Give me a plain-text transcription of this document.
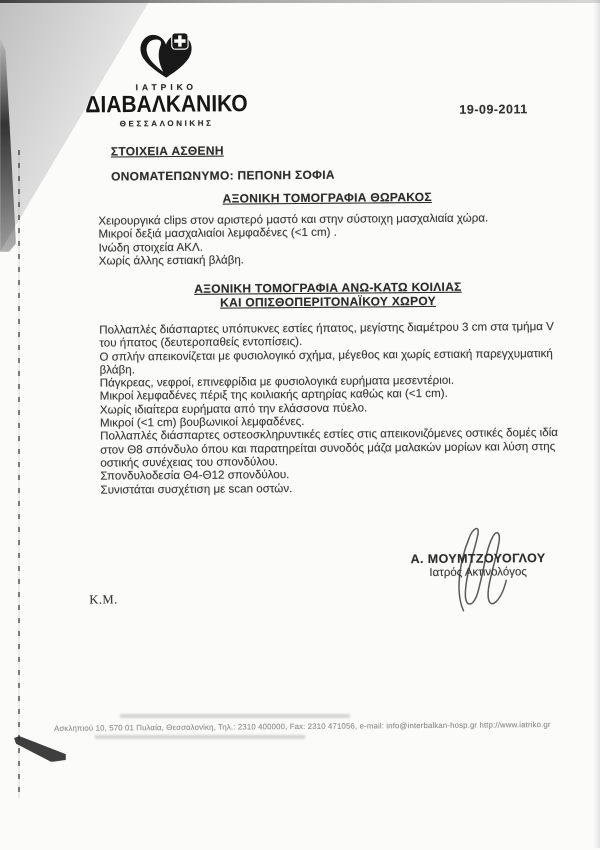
ΙΑΤΡΙΚΟ
ΔΙΑΒΑΛΚΑΝΙΚΟ
ΘΕΣΣΑΛΟΝΙΚΗΣ
19-09-2011
ΣΤΟΙΧΕΙΑ ΑΣΘΕΝΗ
ΟΝΟΜΑΤΕΠΩΝΥΜΟ: ΠΕΠΟΝΗ ΣΟΦΙΑ
ΑΞΟΝΙΚΗ ΤΟΜΟΓΡΑΦΙΑ ΘΩΡΑΚΟΣ
Χειρουργικά clips στον αριστερό μαστό και στην σύστοιχη μασχαλιαία χώρα.
Μικροί δεξιά μασχαλιαίοι λεμφαδένες (<1 cm) .
Ινώδη στοιχεία ΑΚΛ.
Χωρίς άλλης εστιακή βλάβη.
ΑΞΟΝΙΚΗ ΤΟΜΟΓΡΑΦΙΑ ΑΝΩ-ΚΑΤΩ ΚΟΙΛΙΑΣ
ΚΑΙ ΟΠΙΣΘΟΠΕΡΙΤΟΝΑΪΚΟΥ ΧΩΡΟΥ
Πολλαπλές διάσπαρτες υπόπυκνες εστίες ήπατος, μεγίστης διαμέτρου 3 cm στα τμήμα V του ήπατος (δευτεροπαθείς εντοπίσεις).
Ο σπλήν απεικονίζεται με φυσιολογικό σχήμα, μέγεθος και χωρίς εστιακή παρεγχυματική βλάβη.
Πάγκρεας, νεφροί, επινεφρίδια με φυσιολογικά ευρήματα μεσεντέριοι.
Μικροί λεμφαδένες πέριξ της κοιλιακής αρτηρίας καθώς και (<1 cm).
Χωρίς ιδιαίτερα ευρήματα από την ελάσσονα πύελο.
Μικροί (<1 cm) βουβωνικοί λεμφαδένες.
Πολλαπλές διάσπαρτες οστεοσκληρυντικές εστίες στις απεικονιζόμενες οστικές δομές ιδία στον Θ8 σπόνδυλο όπου και παρατηρείται συνοδός μάζα μαλακών μορίων και λύση στης οστικής συνέχειας του σπονδύλου.
Σπονδυλοδεσία Θ4-Θ12 σπονδύλου.
Συνιστάται συσχέτιση με scan οστών.
Α. ΜΟΥΜΤΖΟΥΟΓΛΟΥ
Ιατρός Ακτινολόγος
Κ.Μ.
Ασκληπιού 10, 570 01 Πυλαία, Θεσσαλονίκη, Τηλ.: 2310 400000, Fax: 2310 471056, e-mail: info@interbalkan-hosp.gr http://www.iatriko.gr
